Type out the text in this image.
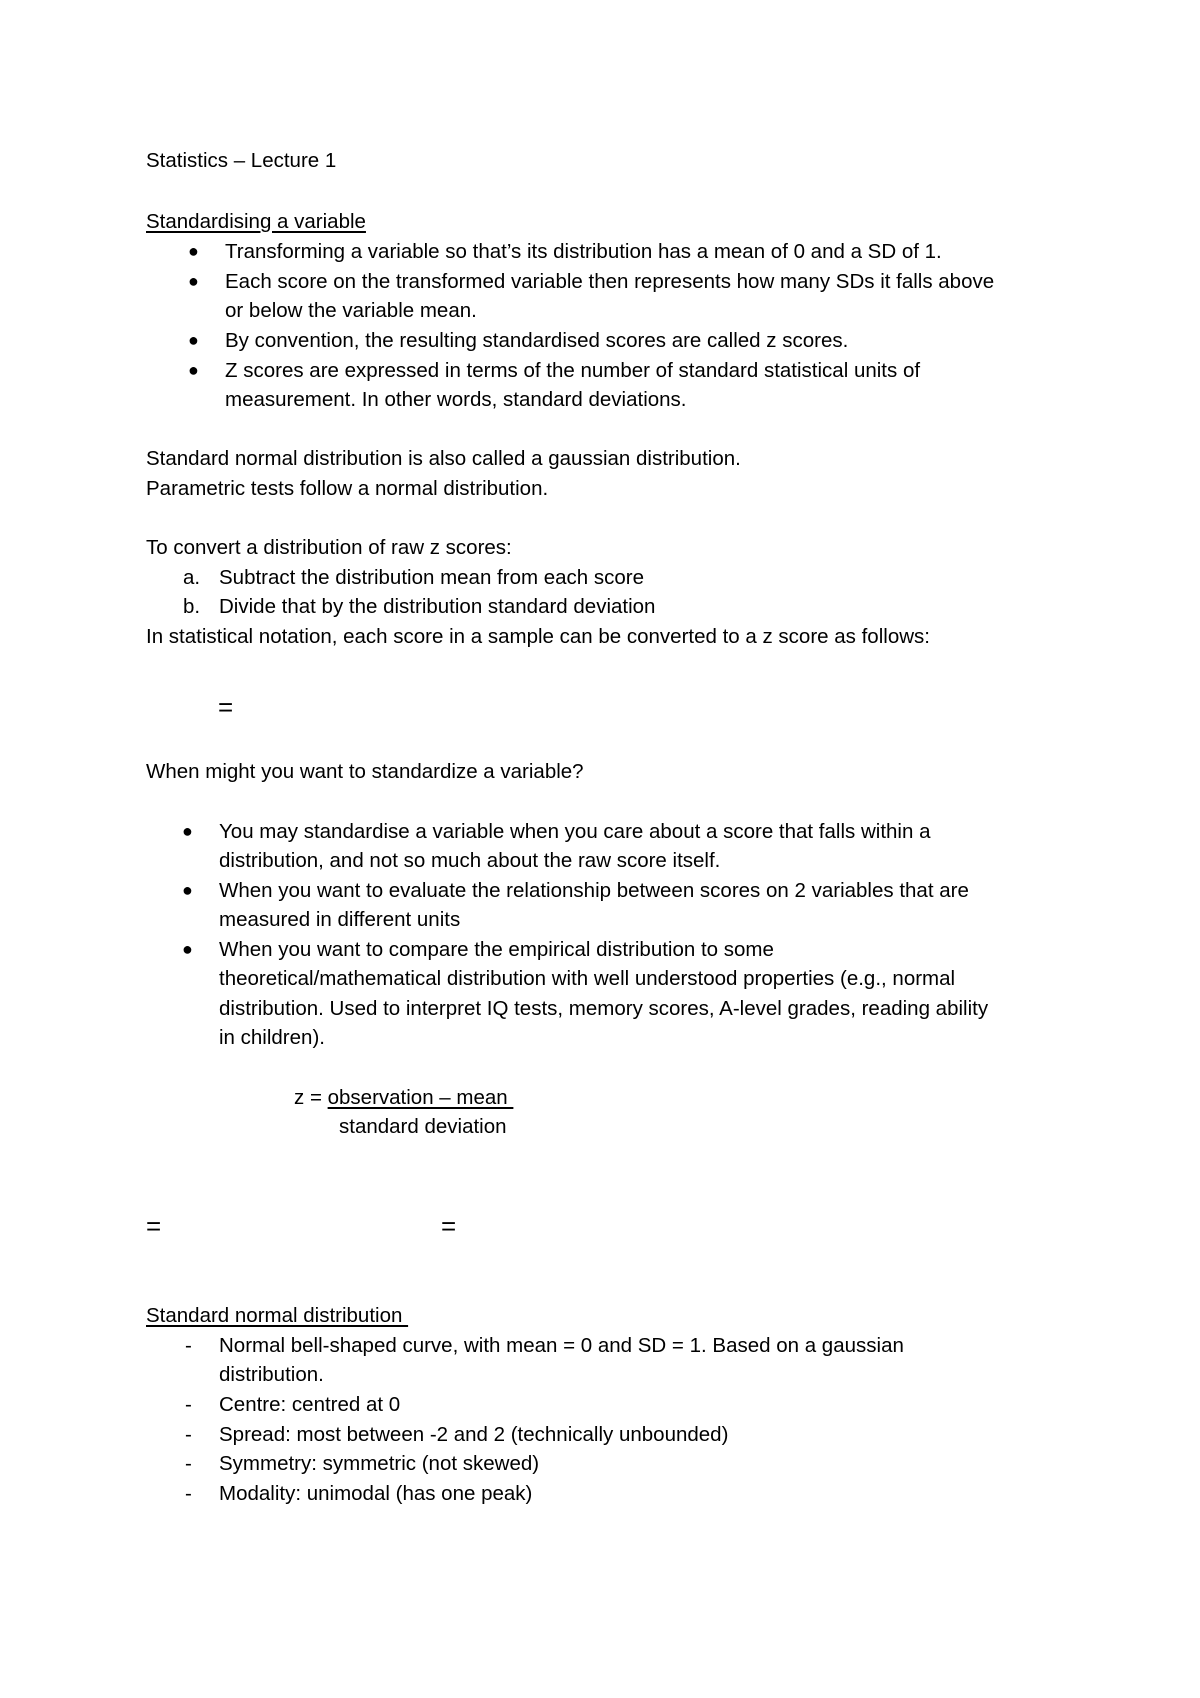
Statistics – Lecture 1
Standardising a variable
● Transforming a variable so that’s its distribution has a mean of 0 and a SD of 1.
● Each score on the transformed variable then represents how many SDs it falls above
or below the variable mean.
● By convention, the resulting standardised scores are called z scores.
● Z scores are expressed in terms of the number of standard statistical units of
measurement. In other words, standard deviations.
Standard normal distribution is also called a gaussian distribution.
Parametric tests follow a normal distribution.
To convert a distribution of raw z scores:
a. Subtract the distribution mean from each score
b. Divide that by the distribution standard deviation
In statistical notation, each score in a sample can be converted to a z score as follows:
=
When might you want to standardize a variable?
● You may standardise a variable when you care about a score that falls within a
distribution, and not so much about the raw score itself.
● When you want to evaluate the relationship between scores on 2 variables that are
measured in different units
● When you want to compare the empirical distribution to some
theoretical/mathematical distribution with well understood properties (e.g., normal
distribution. Used to interpret IQ tests, memory scores, A-level grades, reading ability
in children).
z = observation – mean
standard deviation
=	=
Standard normal distribution
- Normal bell-shaped curve, with mean = 0 and SD = 1. Based on a gaussian
distribution.
- Centre: centred at 0
- Spread: most between -2 and 2 (technically unbounded)
- Symmetry: symmetric (not skewed)
- Modality: unimodal (has one peak)
